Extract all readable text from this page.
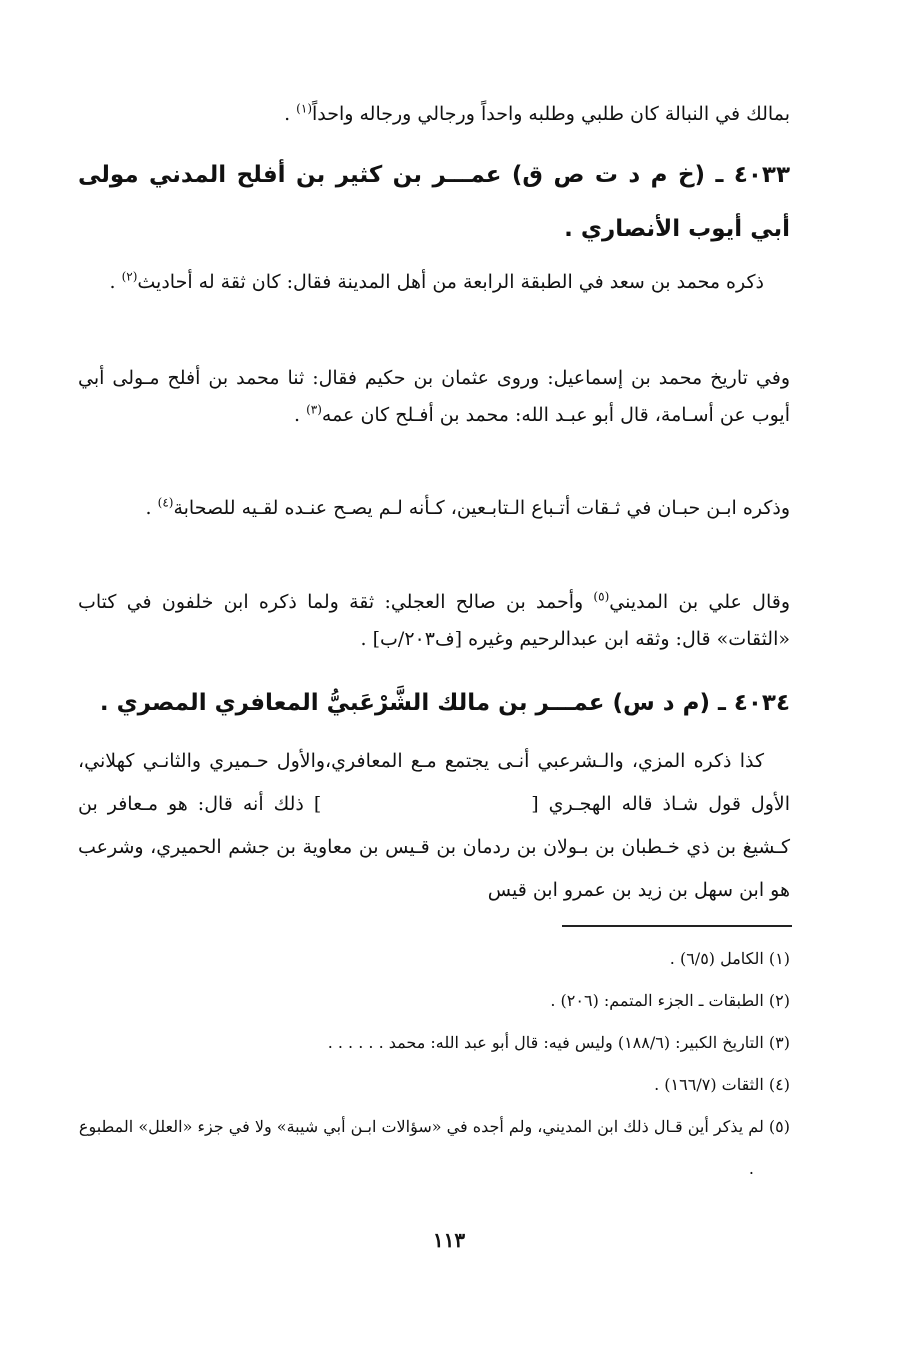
بمالك في النبالة كان طلبي وطلبه واحداً ورجالي ورجاله واحداً$^{(١)}$ .
٤٠٣٣ ـ (خ م د ت ص ق) عمـــر بن كثير بن أفلح المدني مولى أبي أيوب الأنصاري .
ذكره محمد بن سعد في الطبقة الرابعة من أهل المدينة فقال: كان ثقة له أحاديث$^{(٢)}$ .
وفي تاريخ محمد بن إسماعيل: وروى عثمان بن حكيم فقال: ثنا محمد بن أفلح مـولى أبي أيوب عن أسـامة، قال أبو عبـد الله: محمد بن أفـلح كان عمه$^{(٣)}$ .
وذكره ابـن حبـان في ثـقات أتـباع الـتابـعين، كـأنه لـم يصـح عنـده لقـيه للصحابة$^{(٤)}$ .
وقال علي بن المديني$^{(٥)}$ وأحمد بن صالح العجلي: ثقة ولما ذكره ابن خلفون في كتاب «الثقات» قال: وثقه ابن عبدالرحيم وغيره [ف٢٠٣/ب] .
٤٠٣٤ ـ (م د س) عمـــر بن مالك الشَّرْعَبيُّ المعافري المصري .
كذا ذكره المزي، والـشرعبي أنـى يجتمع مـع المعافري،والأول حـميري والثانـي كهلاني، الأول قول شـاذ قاله الهجـري [] ذلك أنه قال: هو مـعافر بن كـشيغ بن ذي خـطبان بن بـولان بن ردمان بن قـيس بن معاوية بن جشم الحميري، وشرعب هو ابن سهل بن زيد بن عمرو ابن قيس
(١) الكامل (٦/٥) .
(٢) الطبقات ـ الجزء المتمم: (٢٠٦) .
(٣) التاريخ الكبير: (١٨٨/٦) وليس فيه: قال أبو عبد الله: محمد . . . . . .
(٤) الثقات (١٦٦/٧) .
(٥) لم يذكر أين قـال ذلك ابن المديني، ولم أجده في «سؤالات ابـن أبي شيبة» ولا في جزء «العلل» المطبوع .
١١٣
